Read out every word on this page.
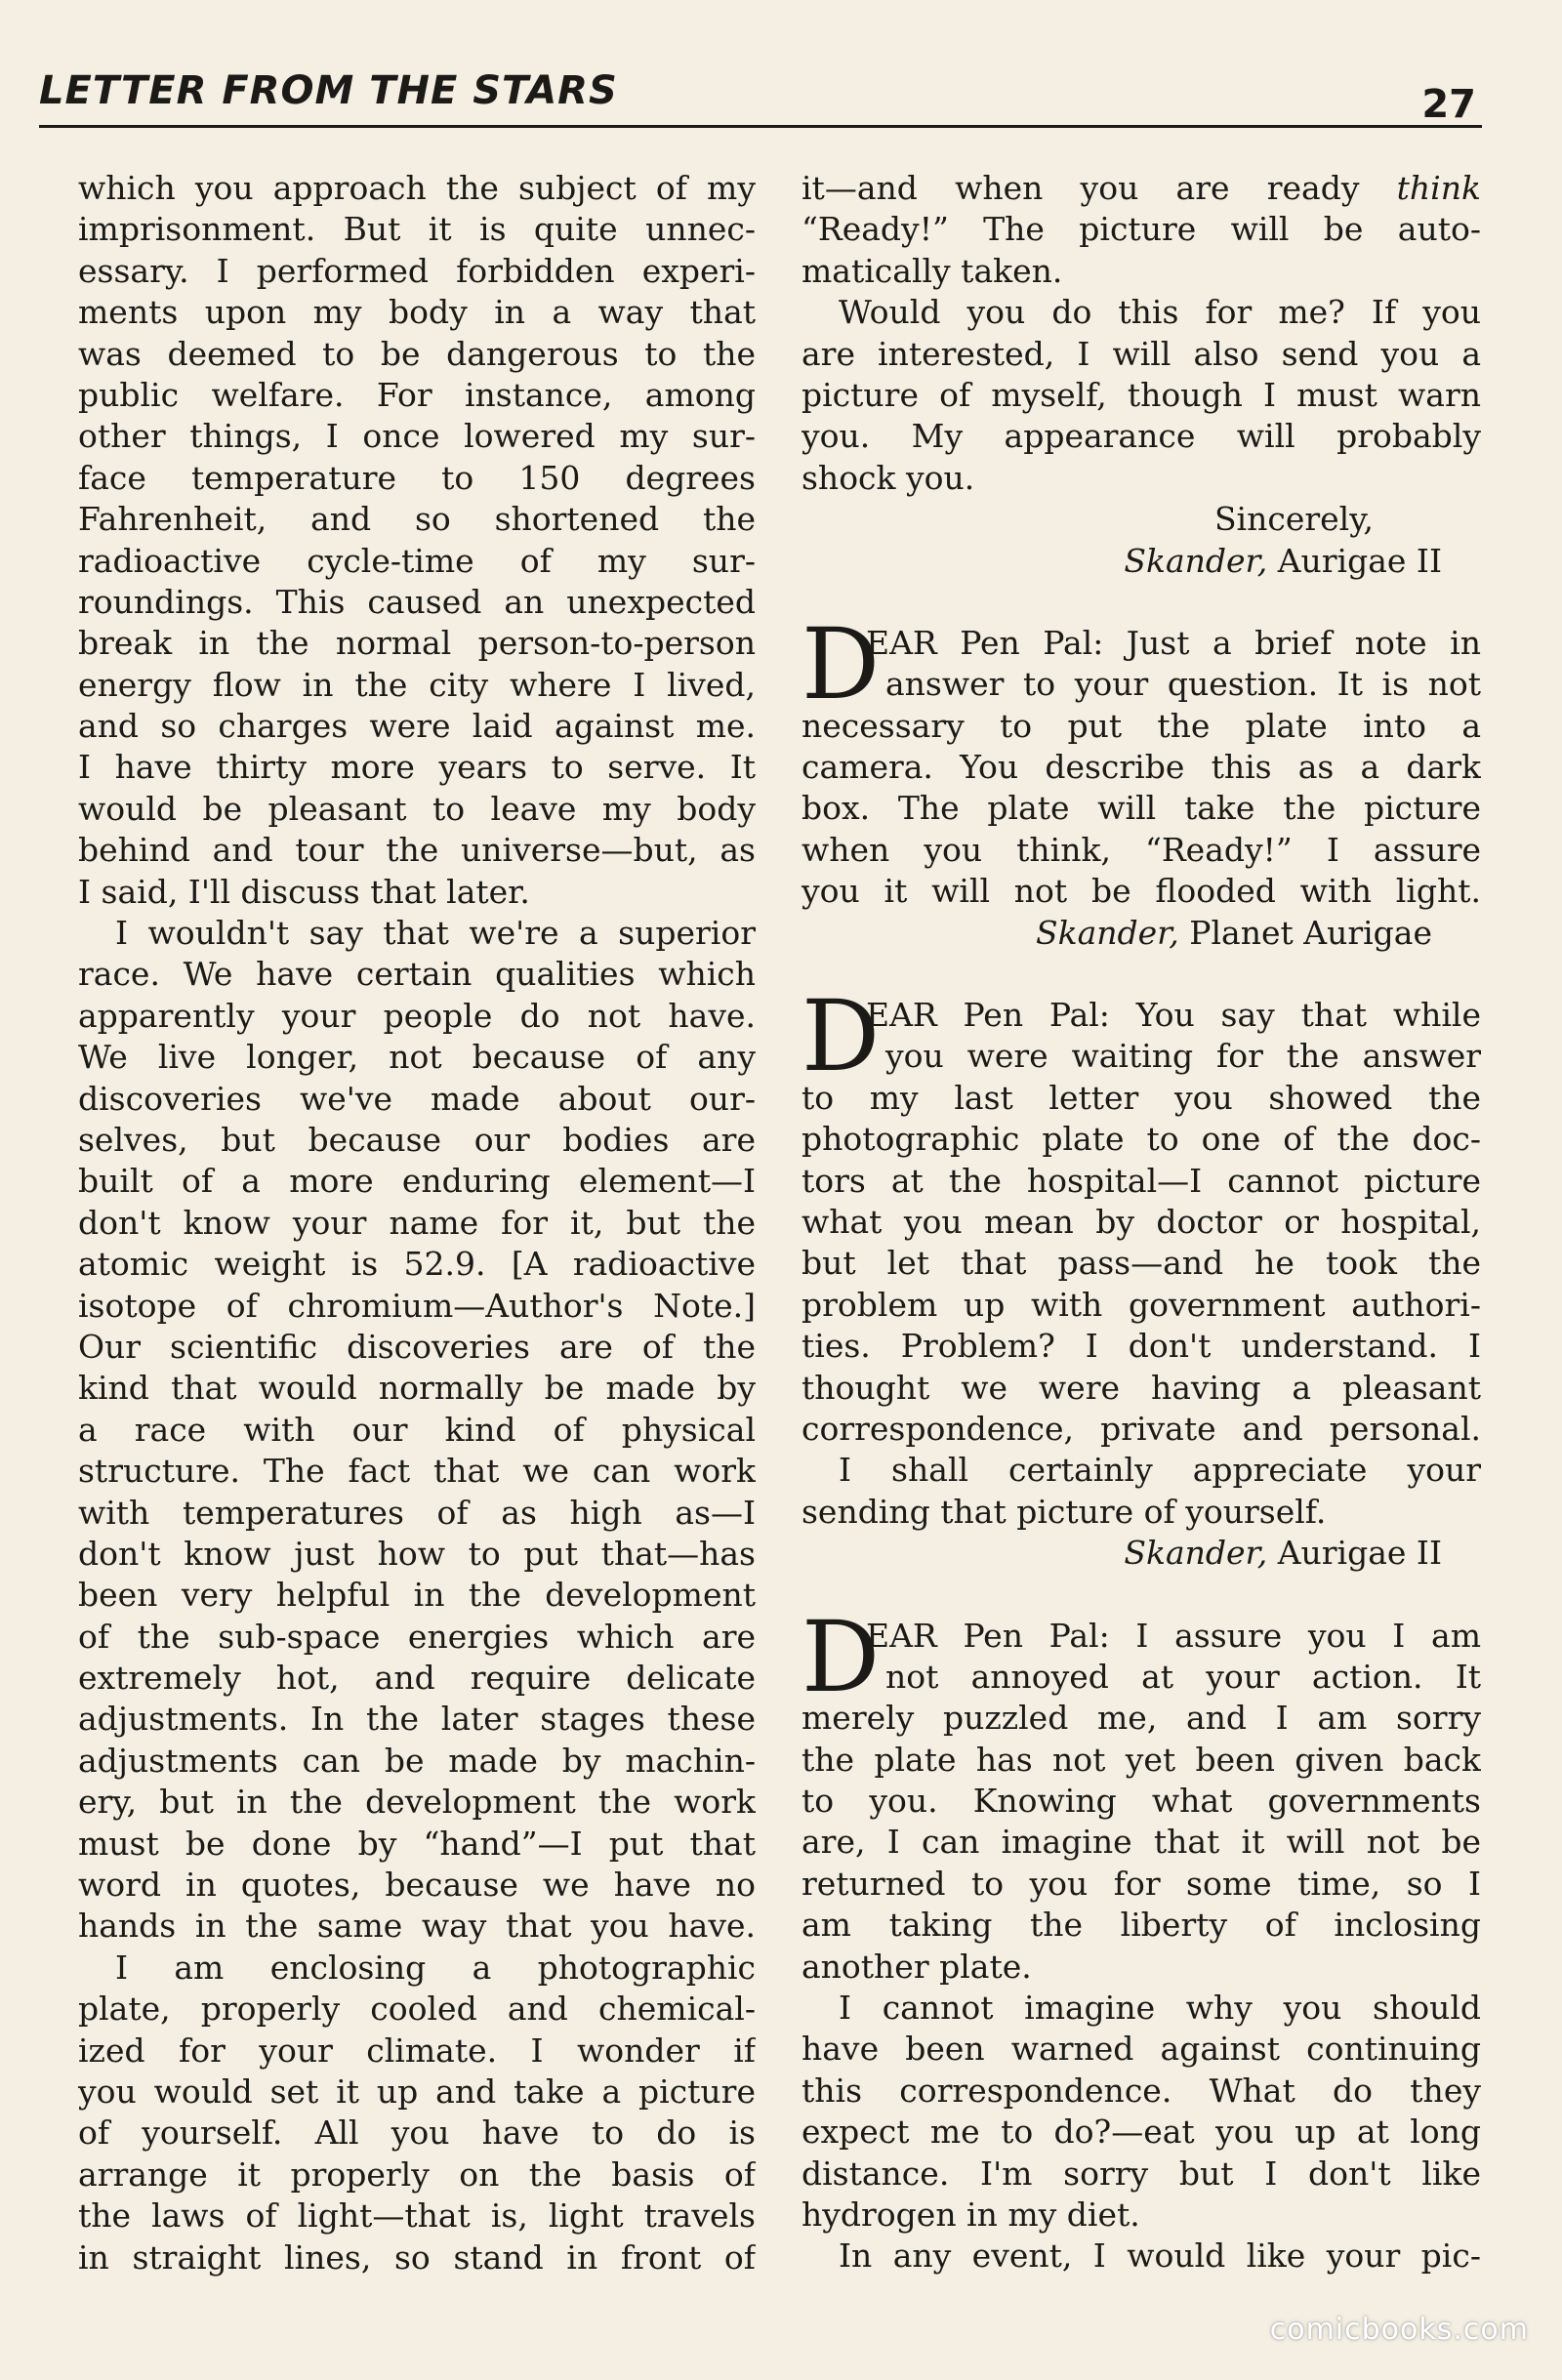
LETTER FROM THE STARS	27
which you approach the subject of my
imprisonment. But it is quite unnec-
essary. I performed forbidden experi-
ments upon my body in a way that
was deemed to be dangerous to the
public welfare. For instance, among
other things, I once lowered my sur-
face temperature to 150 degrees
Fahrenheit, and so shortened the
radioactive cycle-time of my sur-
roundings. This caused an unexpected
break in the normal person-to-person
energy flow in the city where I lived,
and so charges were laid against me.
I have thirty more years to serve. It
would be pleasant to leave my body
behind and tour the universe—but, as
I said, I'll discuss that later.
I wouldn't say that we're a superior
race. We have certain qualities which
apparently your people do not have.
We live longer, not because of any
discoveries we've made about our-
selves, but because our bodies are
built of a more enduring element—I
don't know your name for it, but the
atomic weight is 52.9. [A radioactive
isotope of chromium—Author's Note.]
Our scientific discoveries are of the
kind that would normally be made by
a race with our kind of physical
structure. The fact that we can work
with temperatures of as high as—I
don't know just how to put that—has
been very helpful in the development
of the sub-space energies which are
extremely hot, and require delicate
adjustments. In the later stages these
adjustments can be made by machin-
ery, but in the development the work
must be done by “hand”—I put that
word in quotes, because we have no
hands in the same way that you have.
I am enclosing a photographic
plate, properly cooled and chemical-
ized for your climate. I wonder if
you would set it up and take a picture
of yourself. All you have to do is
arrange it properly on the basis of
the laws of light—that is, light travels
in straight lines, so stand in front of
it—and when you are ready think
“Ready!” The picture will be auto-
matically taken.
Would you do this for me? If you
are interested, I will also send you a
picture of myself, though I must warn
you. My appearance will probably
shock you.
Sincerely,
Skander, Aurigae II
D
EAR Pen Pal: Just a brief note in
answer to your question. It is not
necessary to put the plate into a
camera. You describe this as a dark
box. The plate will take the picture
when you think, “Ready!” I assure
you it will not be flooded with light.
Skander, Planet Aurigae
D
EAR Pen Pal: You say that while
you were waiting for the answer
to my last letter you showed the
photographic plate to one of the doc-
tors at the hospital—I cannot picture
what you mean by doctor or hospital,
but let that pass—and he took the
problem up with government authori-
ties. Problem? I don't understand. I
thought we were having a pleasant
correspondence, private and personal.
I shall certainly appreciate your
sending that picture of yourself.
Skander, Aurigae II
D
EAR Pen Pal: I assure you I am
not annoyed at your action. It
merely puzzled me, and I am sorry
the plate has not yet been given back
to you. Knowing what governments
are, I can imagine that it will not be
returned to you for some time, so I
am taking the liberty of inclosing
another plate.
I cannot imagine why you should
have been warned against continuing
this correspondence. What do they
expect me to do?—eat you up at long
distance. I'm sorry but I don't like
hydrogen in my diet.
In any event, I would like your pic-
comicbooks.com
